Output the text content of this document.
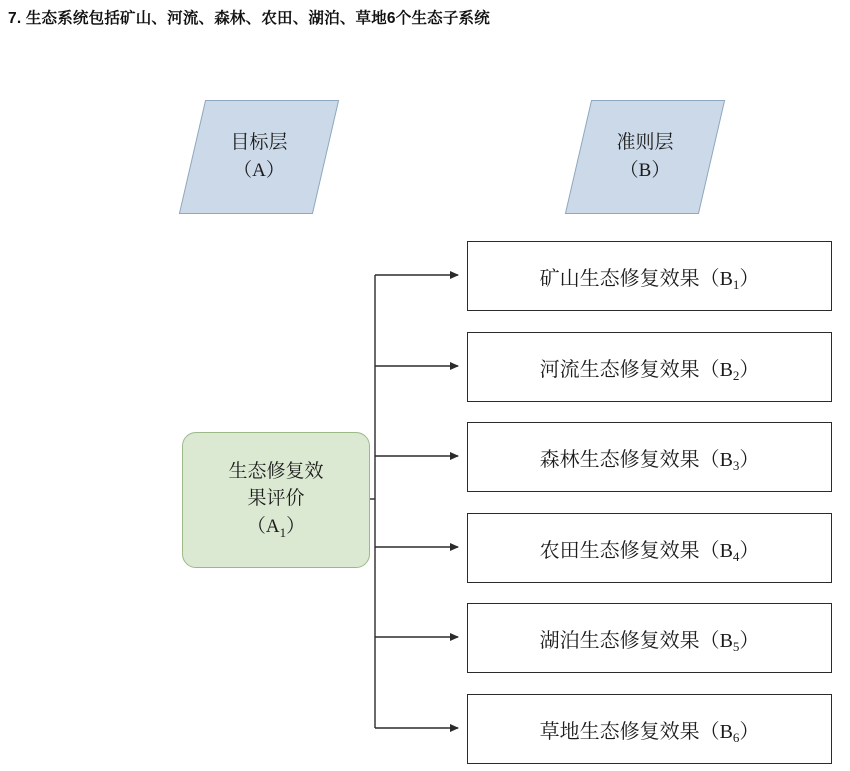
7. 生态系统包括矿山、河流、森林、农田、湖泊、草地6个生态子系统
目标层
（A）
准则层
（B）
生态修复效
果评价
$(A_1)$
矿山生态修复效果$(B_1)$
河流生态修复效果$(B_2)$
森林生态修复效果$(B_3)$
农田生态修复效果$(B_4)$
湖泊生态修复效果$(B_5)$
草地生态修复效果$(B_6)$
